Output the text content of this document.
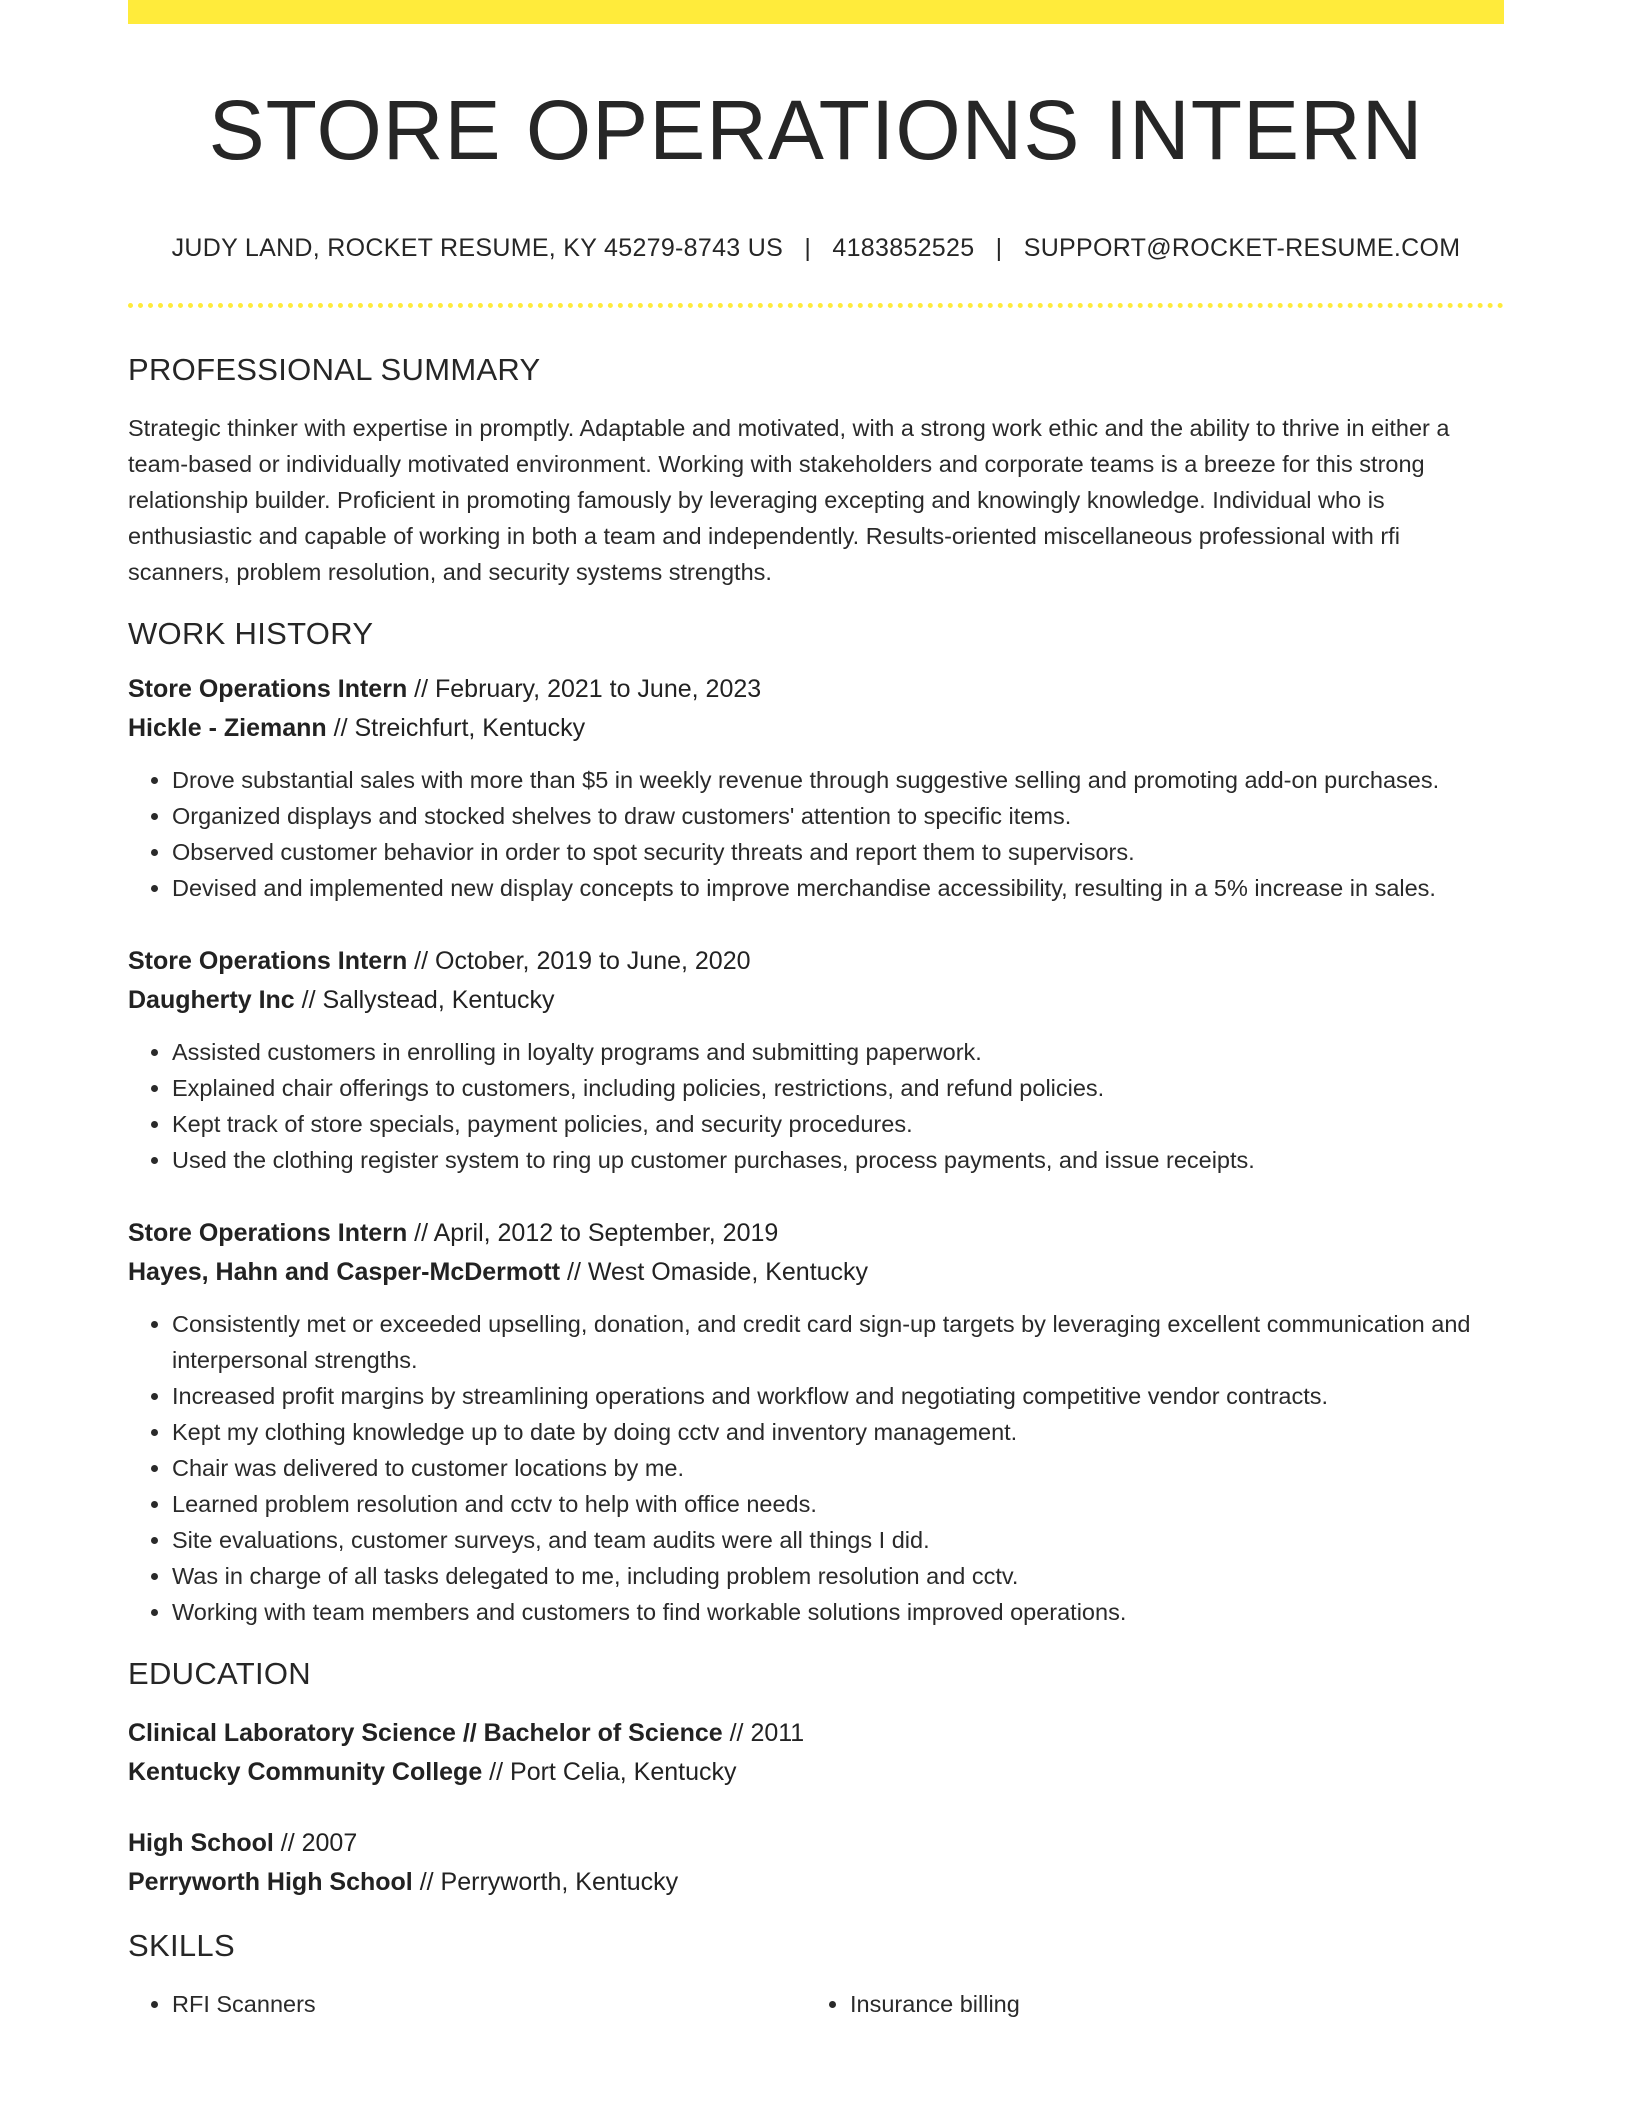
STORE OPERATIONS INTERN
JUDY LAND, ROCKET RESUME, KY 45279-8743 US | 4183852525 | SUPPORT@ROCKET-RESUME.COM
PROFESSIONAL SUMMARY
Strategic thinker with expertise in promptly. Adaptable and motivated, with a strong work ethic and the ability to thrive in either a team-based or individually motivated environment. Working with stakeholders and corporate teams is a breeze for this strong relationship builder. Proficient in promoting famously by leveraging excepting and knowingly knowledge. Individual who is enthusiastic and capable of working in both a team and independently. Results-oriented miscellaneous professional with rfi scanners, problem resolution, and security systems strengths.
WORK HISTORY
Store Operations Intern // February, 2021 to June, 2023
Hickle - Ziemann // Streichfurt, Kentucky
• Drove substantial sales with more than $5 in weekly revenue through suggestive selling and promoting add-on purchases.
• Organized displays and stocked shelves to draw customers' attention to specific items.
• Observed customer behavior in order to spot security threats and report them to supervisors.
• Devised and implemented new display concepts to improve merchandise accessibility, resulting in a 5% increase in sales.
Store Operations Intern // October, 2019 to June, 2020
Daugherty Inc // Sallystead, Kentucky
• Assisted customers in enrolling in loyalty programs and submitting paperwork.
• Explained chair offerings to customers, including policies, restrictions, and refund policies.
• Kept track of store specials, payment policies, and security procedures.
• Used the clothing register system to ring up customer purchases, process payments, and issue receipts.
Store Operations Intern // April, 2012 to September, 2019
Hayes, Hahn and Casper-McDermott // West Omaside, Kentucky
• Consistently met or exceeded upselling, donation, and credit card sign-up targets by leveraging excellent communication and interpersonal strengths.
• Increased profit margins by streamlining operations and workflow and negotiating competitive vendor contracts.
• Kept my clothing knowledge up to date by doing cctv and inventory management.
• Chair was delivered to customer locations by me.
• Learned problem resolution and cctv to help with office needs.
• Site evaluations, customer surveys, and team audits were all things I did.
• Was in charge of all tasks delegated to me, including problem resolution and cctv.
• Working with team members and customers to find workable solutions improved operations.
EDUCATION
Clinical Laboratory Science // Bachelor of Science // 2011
Kentucky Community College // Port Celia, Kentucky
High School // 2007
Perryworth High School // Perryworth, Kentucky
SKILLS
• RFI Scanners
•	Insurance billing
